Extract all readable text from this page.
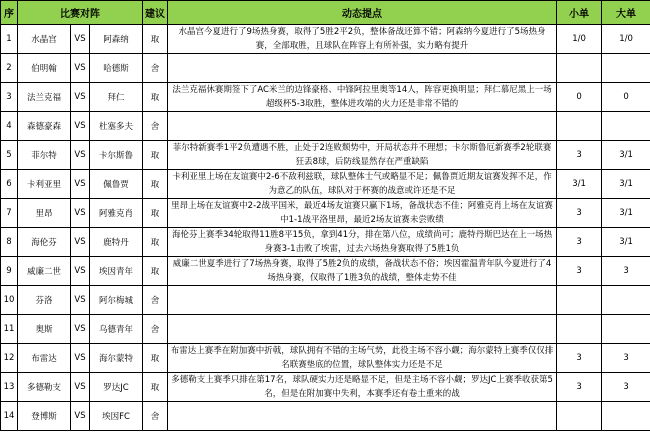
序	比赛对阵			建议	动态提点	小单	大单
1	水晶宫	VS	阿森纳	取	水晶宫今夏进行了9场热身赛，取得了5胜2平2负，整体备战还算不错；阿森纳今夏进行了5场热身赛，全部取胜，且球队在阵容上有所补强，实力略有提升	1/0	1/0
2	伯明翰	VS	哈德斯	舍	

3	法兰克福	VS	拜仁	取	法兰克福休赛期签下了AC米兰的边锋豪格、中锋阿拉里奥等14人，阵容更换明显；拜仁慕尼黑上一场超级杯5-3取胜，整体进攻端的火力还是非常不错的	0	0
4	森德豪森	VS	杜塞多夫	舍	

5	菲尔特	VS	卡尔斯鲁	取	菲尔特新赛季1平2负遭遇不胜，止处于2连败颓势中，开局状态并不理想；卡尔斯鲁厄新赛季2轮联赛狂丢8球，后防线显然存在严重缺陷	3	3/1
6	卡利亚里	VS	佩鲁贾	取	卡利亚里上场在友谊赛中2-6不敌利兹联，球队整体士气或略显不足；佩鲁贾近期友谊赛发挥不足，作为意乙的队伍，球队对于杯赛的战意或许还是不足	3/1	3/1
7	里昂	VS	阿雅克肖	取	里昂上场在友谊赛中2-2战平国米，最近4场友谊赛只赢下1场，备战状态不佳；阿雅克肖上场在友谊赛中1-1战平洛里昂，最近2场友谊赛未尝败绩	3	3/1
8	海伦芬	VS	鹿特丹	取	海伦芬上赛季34轮取得11胜8平15负，拿到41分，排在第八位，成绩尚可；鹿特丹斯巴达在上一场热身赛3-1击败了埃雷，过去六场热身赛取得了5胜1负	3	3/1
9	威廉二世	VS	埃因青年	取	威廉二世夏季进行了7场热身赛，取得了5胜2负的成绩，备战状态不俗；埃因霍温青年队今夏进行了4场热身赛，仅取得了1胜3负的战绩，整体走势不佳	3	3
10	芬洛	VS	阿尔梅城	舍	

11	奥斯	VS	乌德青年	舍	

12	布雷达	VS	海尔蒙特	取	布雷达上赛季在附加赛中折戟，球队拥有不错的主场气势，此役主场不容小觑；海尔蒙特上赛季仅仅排名联赛垫底的位置，球队整体实力还是不足	3	3
13	多德勒支	VS	罗达JC	取	多德勒支上赛季只排在第17名，球队硬实力还是略显不足，但是主场不容小觑；罗达JC上赛季收获第5名，但是在附加赛中失利，本赛季还有卷土重来的战	3	3
14	登博斯	VS	埃因FC	舍	
